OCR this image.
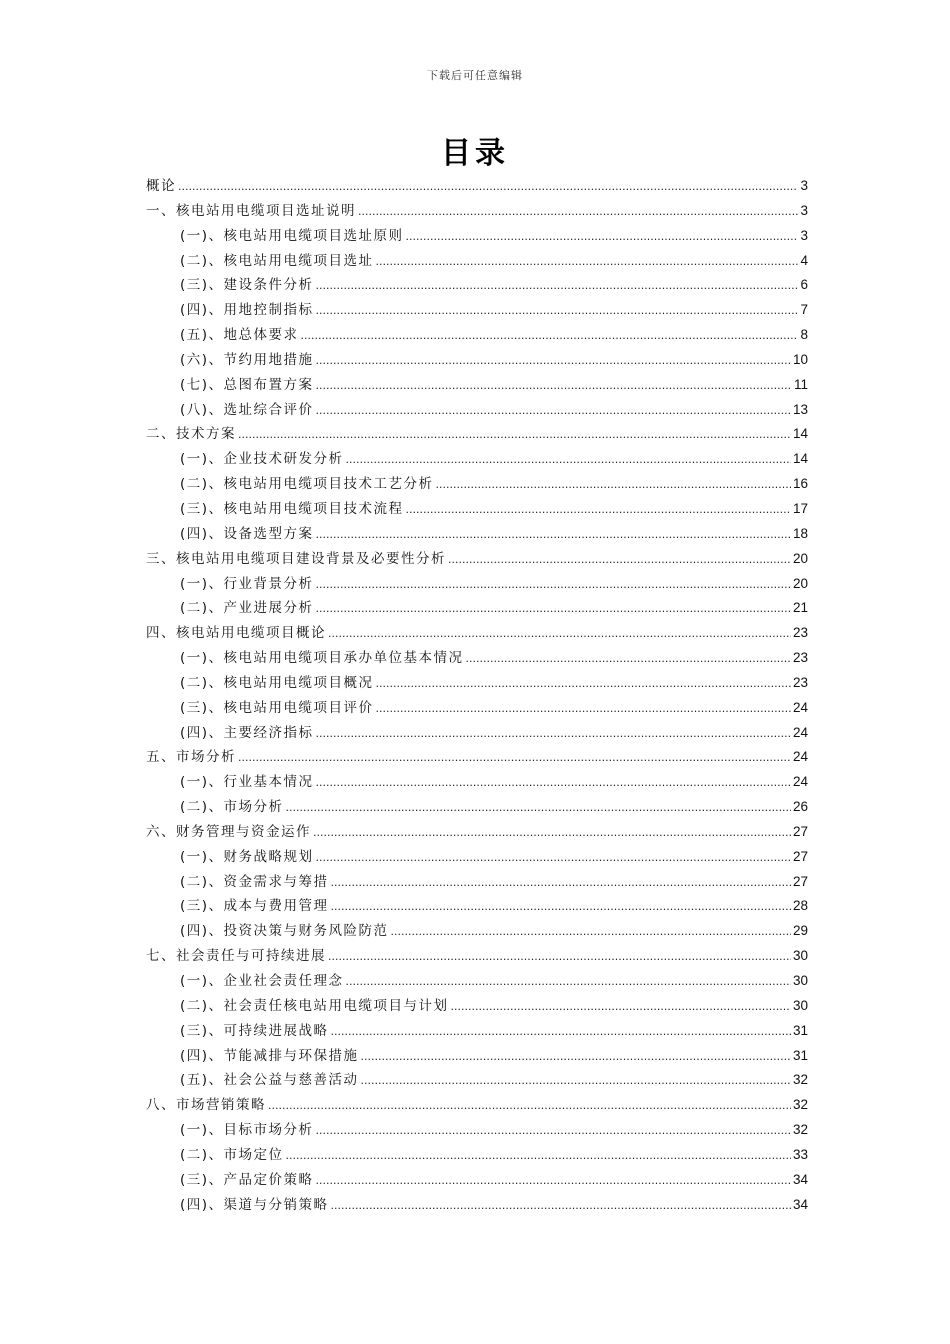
下载后可任意编辑
目录
概论 .....	3
一、核电站用电缆项目选址说明 .....	3
(一)、核电站用电缆项目选址原则 .....	3
(二)、核电站用电缆项目选址 .....	4
(三)、建设条件分析 .....	6
(四)、用地控制指标 .....	7
(五)、地总体要求 .....	8
(六)、节约用地措施 .....	10
(七)、总图布置方案 .....	11
(八)、选址综合评价 .....	13
二、技术方案 .....	14
(一)、企业技术研发分析 .....	14
(二)、核电站用电缆项目技术工艺分析 .....	16
(三)、核电站用电缆项目技术流程 .....	17
(四)、设备选型方案 .....	18
三、核电站用电缆项目建设背景及必要性分析 .....	20
(一)、行业背景分析 .....	20
(二)、产业进展分析 .....	21
四、核电站用电缆项目概论 .....	23
(一)、核电站用电缆项目承办单位基本情况 .....	23
(二)、核电站用电缆项目概况 .....	23
(三)、核电站用电缆项目评价 .....	24
(四)、主要经济指标 .....	24
五、市场分析 .....	24
(一)、行业基本情况 .....	24
(二)、市场分析 .....	26
六、财务管理与资金运作 .....	27
(一)、财务战略规划 .....	27
(二)、资金需求与筹措 .....	27
(三)、成本与费用管理 .....	28
(四)、投资决策与财务风险防范 .....	29
七、社会责任与可持续进展 .....	30
(一)、企业社会责任理念 .....	30
(二)、社会责任核电站用电缆项目与计划 .....	30
(三)、可持续进展战略 .....	31
(四)、节能减排与环保措施 .....	31
(五)、社会公益与慈善活动 .....	32
八、市场营销策略 .....	32
(一)、目标市场分析 .....	32
(二)、市场定位 .....	33
(三)、产品定价策略 .....	34
(四)、渠道与分销策略 .....	34
